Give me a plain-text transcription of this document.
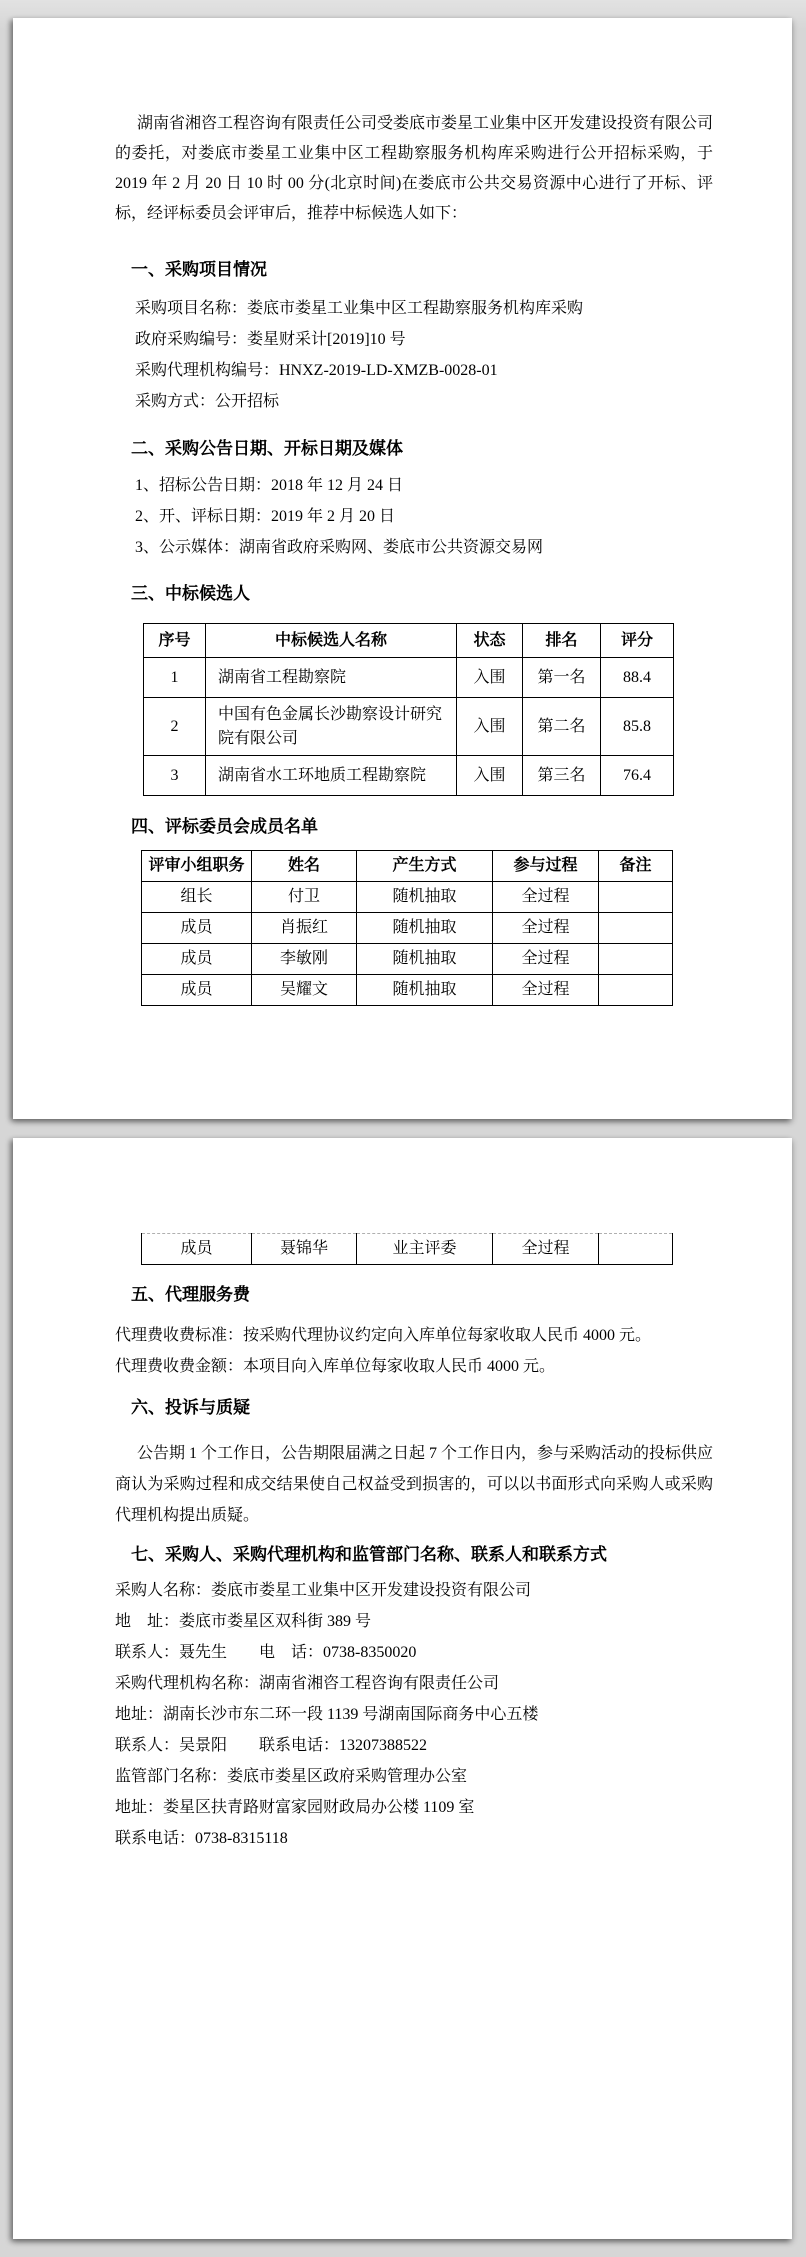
湖南省湘咨工程咨询有限责任公司受娄底市娄星工业集中区开发建设投资有限公司的委托，对娄底市娄星工业集中区工程勘察服务机构库采购进行公开招标采购，于 2019 年 2 月 20 日 10 时 00 分(北京时间)在娄底市公共交易资源中心进行了开标、评标，经评标委员会评审后，推荐中标候选人如下：

一、采购项目情况
采购项目名称：娄底市娄星工业集中区工程勘察服务机构库采购
政府采购编号：娄星财采计[2019]10 号
采购代理机构编号：HNXZ-2019-LD-XMZB-0028-01
采购方式：公开招标
二、采购公告日期、开标日期及媒体
1、招标公告日期：2018 年 12 月 24 日
2、开、评标日期：2019 年 2 月 20 日
3、公示媒体：湖南省政府采购网、娄底市公共资源交易网
三、中标候选人
序号	中标候选人名称	状态	排名	评分
1	湖南省工程勘察院	入围	第一名	88.4
2	中国有色金属长沙勘察设计研究院有限公司	入围	第二名	85.8
3	湖南省水工环地质工程勘察院	入围	第三名	76.4
四、评标委员会成员名单
评审小组职务	姓名	产生方式	参与过程	备注
组长	付卫	随机抽取	全过程	
成员	肖振红	随机抽取	全过程	
成员	李敏刚	随机抽取	全过程	
成员	吴耀文	随机抽取	全过程	
成员	聂锦华	业主评委	全过程	
五、代理服务费
代理费收费标准：按采购代理协议约定向入库单位每家收取人民币 4000 元。
代理费收费金额：本项目向入库单位每家收取人民币 4000 元。
六、投诉与质疑

公告期 1 个工作日，公告期限届满之日起 7 个工作日内，参与采购活动的投标供应商认为采购过程和成交结果使自己权益受到损害的，可以以书面形式向采购人或采购代理机构提出质疑。

七、采购人、采购代理机构和监管部门名称、联系人和联系方式
采购人名称：娄底市娄星工业集中区开发建设投资有限公司
地　址：娄底市娄星区双科街 389 号
联系人：聂先生　　电　话：0738-8350020
采购代理机构名称：湖南省湘咨工程咨询有限责任公司
地址：湖南长沙市东二环一段 1139 号湖南国际商务中心五楼
联系人：吴景阳　　联系电话：13207388522
监管部门名称：娄底市娄星区政府采购管理办公室
地址：娄星区扶青路财富家园财政局办公楼 1109 室
联系电话：0738-8315118
